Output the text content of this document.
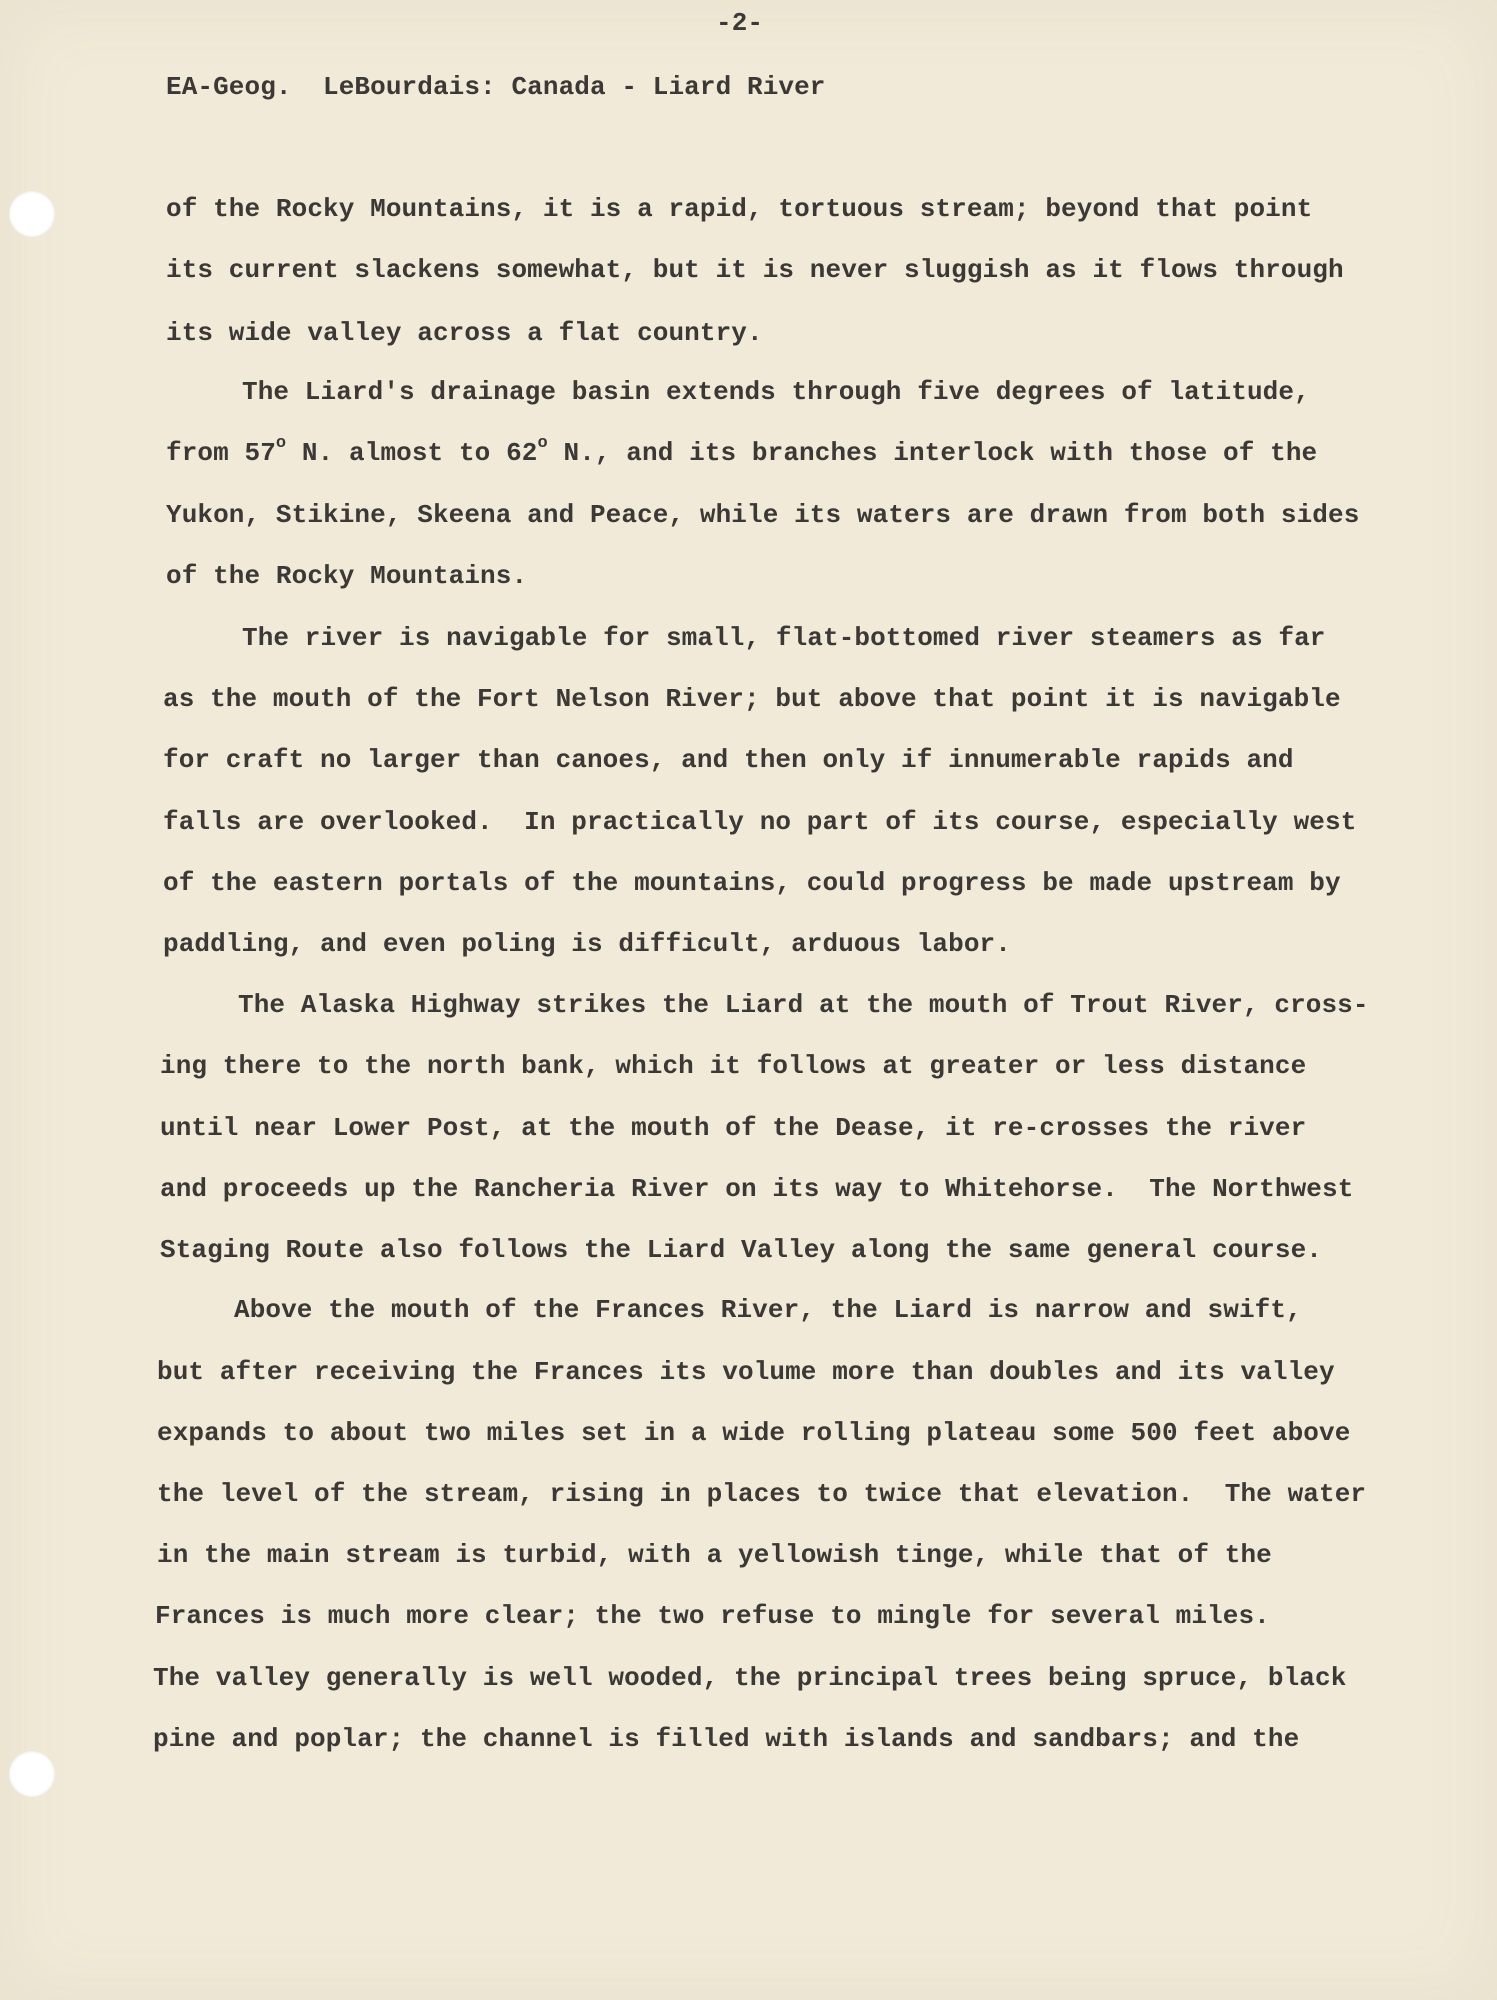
-2-
EA-Geog.  LeBourdais: Canada - Liard River
of the Rocky Mountains, it is a rapid, tortuous stream; beyond that point
its current slackens somewhat, but it is never sluggish as it flows through
its wide valley across a flat country.
The Liard's drainage basin extends through five degrees of latitude,
from 57$^o$ N. almost to 62$^o$ N., and its branches interlock with those of the
Yukon, Stikine, Skeena and Peace, while its waters are drawn from both sides
of the Rocky Mountains.
The river is navigable for small, flat-bottomed river steamers as far
as the mouth of the Fort Nelson River; but above that point it is navigable
for craft no larger than canoes, and then only if innumerable rapids and
falls are overlooked.  In practically no part of its course, especially west
of the eastern portals of the mountains, could progress be made upstream by
paddling, and even poling is difficult, arduous labor.
The Alaska Highway strikes the Liard at the mouth of Trout River, cross-
ing there to the north bank, which it follows at greater or less distance
until near Lower Post, at the mouth of the Dease, it re-crosses the river
and proceeds up the Rancheria River on its way to Whitehorse.  The Northwest
Staging Route also follows the Liard Valley along the same general course.
Above the mouth of the Frances River, the Liard is narrow and swift,
but after receiving the Frances its volume more than doubles and its valley
expands to about two miles set in a wide rolling plateau some 500 feet above
the level of the stream, rising in places to twice that elevation.  The water
in the main stream is turbid, with a yellowish tinge, while that of the
Frances is much more clear; the two refuse to mingle for several miles.
The valley generally is well wooded, the principal trees being spruce, black
pine and poplar; the channel is filled with islands and sandbars; and the
